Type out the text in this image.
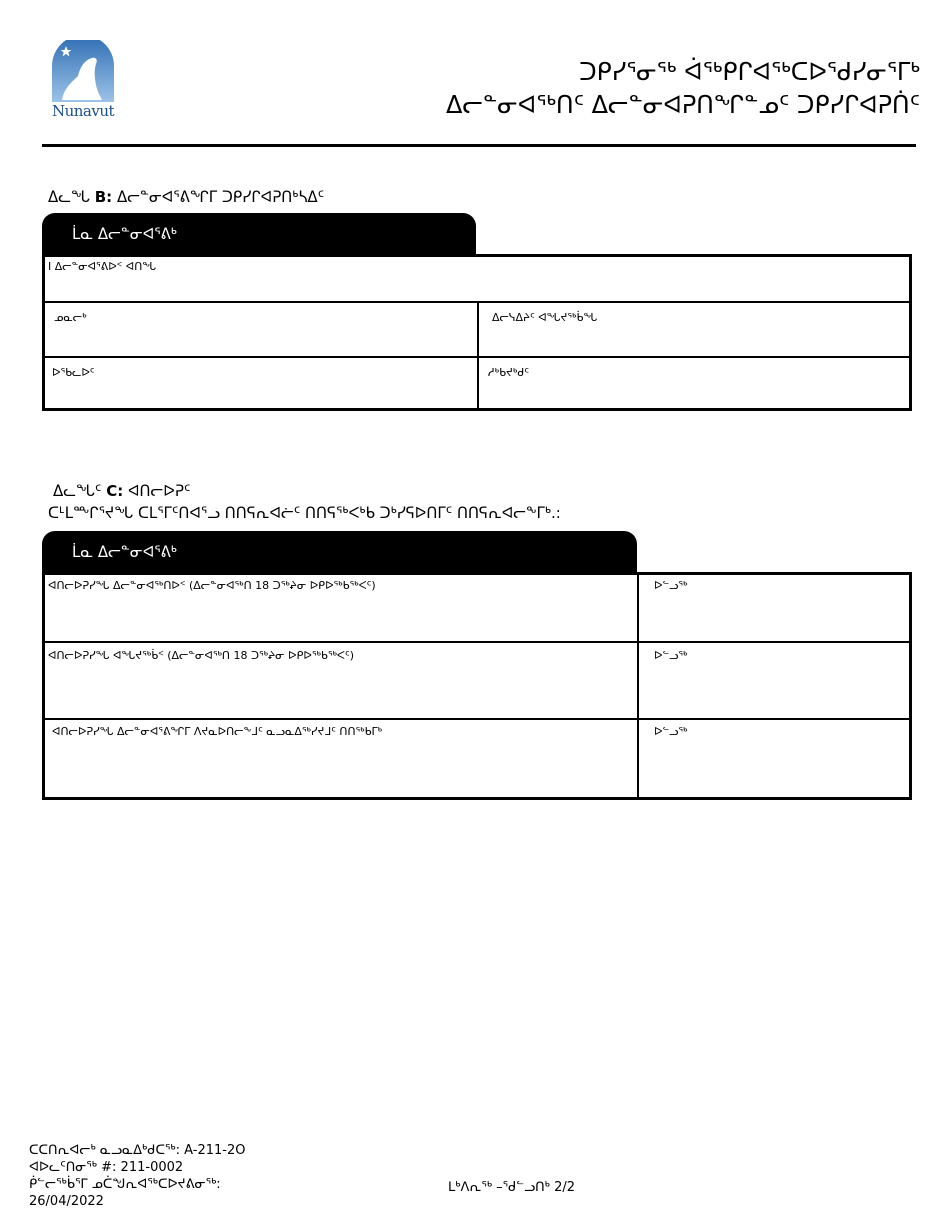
Nunavut
ᑐᑭᓯᕐᓂᖅ ᐋᖅᑭᒋᐊᖅᑕᐅᕐᑯᓯᓂᕐᒥᒃ
ᐃᓕᓐᓂᐊᖅᑎᑦ ᐃᓕᓐᓂᐊᕈᑎᖏᓐᓄᑦ ᑐᑭᓯᒋᐊᕈᑏᑦ
ᐃᓚᖓ B: ᐃᓕᓐᓂᐊᕐᕕᖏᒥ ᑐᑭᓯᒋᐊᕈᑎᒃᓴᐃᑦ
ᒫᓇ ᐃᓕᓐᓂᐊᕐᕕᒃ
I ᐃᓕᓐᓂᐊᕐᕕᐅᑉ ᐊᑎᖓ
ᓄᓇᓕᒃ	ᐃᓕᓭᐃᔨᑦ ᐊᖓᔪᖅᑳᖓ
ᐅᕐᑲᓚᐅᑦ	ᓱᒃᑲᔪᒃᑯᑦ
ᐃᓚᖓᑦ C: ᐊᑎᓕᐅᕈᑦ
ᑕᒻᒪᖖᒋᕐᔪᖓ ᑕᒪᕐᒥᑦᑎᐊᕐᓗ ᑎᑎᕋᕆᐊᓖᑦ ᑎᑎᕋᖅᐸᒃᑲ ᑐᒃᓯᕋᐅᑎᒥᑦ ᑎᑎᕋᕆᐊᓕᖕᒥᒃ.:
ᒫᓇ ᐃᓕᓐᓂᐊᕐᕕᒃ
ᐊᑎᓕᐅᕈᓯᖓ ᐃᓕᓐᓂᐊᖅᑎᐅᑉ (ᐃᓕᓐᓂᐊᖅᑎ 18 ᑐᖅᖨᓂ ᐅᑭᐅᖅᑲᖅᐸᑦ)	ᐅᓪᓗᖅ
ᐊᑎᓕᐅᕈᓯᖓ ᐊᖓᔪᖅᑳᑉ (ᐃᓕᓐᓂᐊᖅᑎ 18 ᑐᖅᖨᓂ ᐅᑭᐅᖅᑲᖅᐸᑦ)	ᐅᓪᓗᖅ
ᐊᑎᓕᐅᕈᓯᖓ ᐃᓕᓐᓂᐊᕐᕕᖏᒥ ᐱᔪᓇᐅᑎᓕᖕᒧᑦ ᓇᓗᓇᐃᖅᓯᔪᒧᑦ ᑎᑎᖅᑲᒥᒃ	ᐅᓪᓗᖅ
ᑕᑕᑎᕆᐊᓕᒃ ᓇᓗᓇᐃᒃᑯᑕᖅ: A-211-2O
ᐊᐅᓚᑦᑎᓂᖅ #: 211-0002
ᑮᓪᓕᖅᑳᕐᒥ ᓄᑖᖑᕆᐊᖅᑕᐅᔪᕕᓂᖅ:
26/04/2022
ᒪᒃᐱᕆᖅ –ᖁᓪᓗᑎᒃ 2/2
